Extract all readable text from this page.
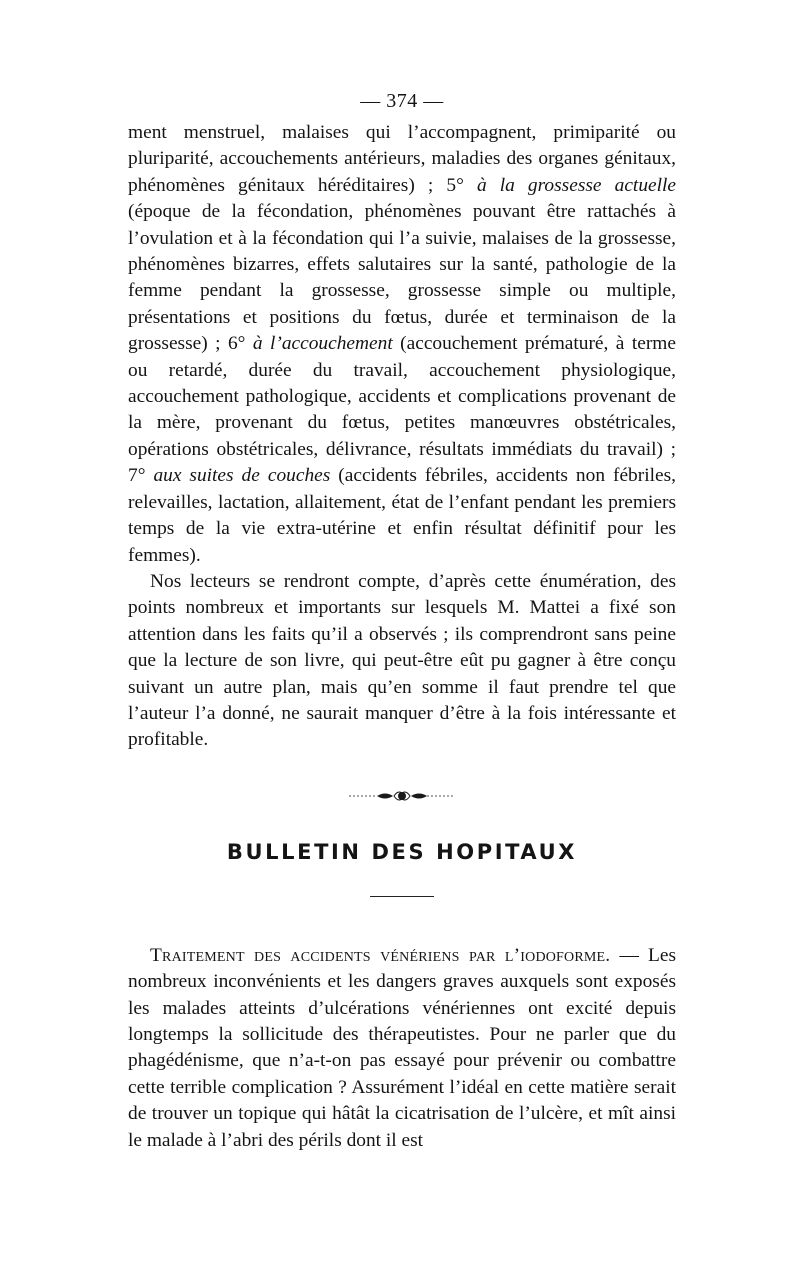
— 374 —

ment menstruel, malaises qui l’accompagnent, primiparité ou pluriparité, accouchements antérieurs, maladies des organes génitaux, phénomènes génitaux héréditaires) ; 5° à la grossesse actuelle (époque de la fécondation, phénomènes pouvant être rattachés à l’ovulation et à la fécondation qui l’a suivie, malaises de la grossesse, phénomènes bizarres, effets salutaires sur la santé, pathologie de la femme pendant la grossesse, grossesse simple ou multiple, présentations et positions du fœtus, durée et terminaison de la grossesse) ; 6° à l’accouchement (accouchement prématuré, à terme ou retardé, durée du travail, accouchement physiologique, accouchement pathologique, accidents et complications provenant de la mère, provenant du fœtus, petites manœuvres obstétricales, opérations obstétricales, délivrance, résultats immédiats du travail) ; 7° aux suites de couches (accidents fébriles, accidents non fébriles, relevailles, lactation, allaitement, état de l’enfant pendant les premiers temps de la vie extra-utérine et enfin résultat définitif pour les femmes).

Nos lecteurs se rendront compte, d’après cette énumération, des points nombreux et importants sur lesquels M. Mattei a fixé son attention dans les faits qu’il a observés ; ils comprendront sans peine que la lecture de son livre, qui peut-être eût pu gagner à être conçu suivant un autre plan, mais qu’en somme il faut prendre tel que l’auteur l’a donné, ne saurait manquer d’être à la fois intéressante et profitable.

BULLETIN DES HOPITAUX

Traitement des accidents vénériens par l’iodoforme. — Les nombreux inconvénients et les dangers graves auxquels sont exposés les malades atteints d’ulcérations vénériennes ont excité depuis longtemps la sollicitude des thérapeutistes. Pour ne parler que du phagédénisme, que n’a-t-on pas essayé pour prévenir ou combattre cette terrible complication ? Assurément l’idéal en cette matière serait de trouver un topique qui hâtât la cicatrisation de l’ulcère, et mît ainsi le malade à l’abri des périls dont il est
